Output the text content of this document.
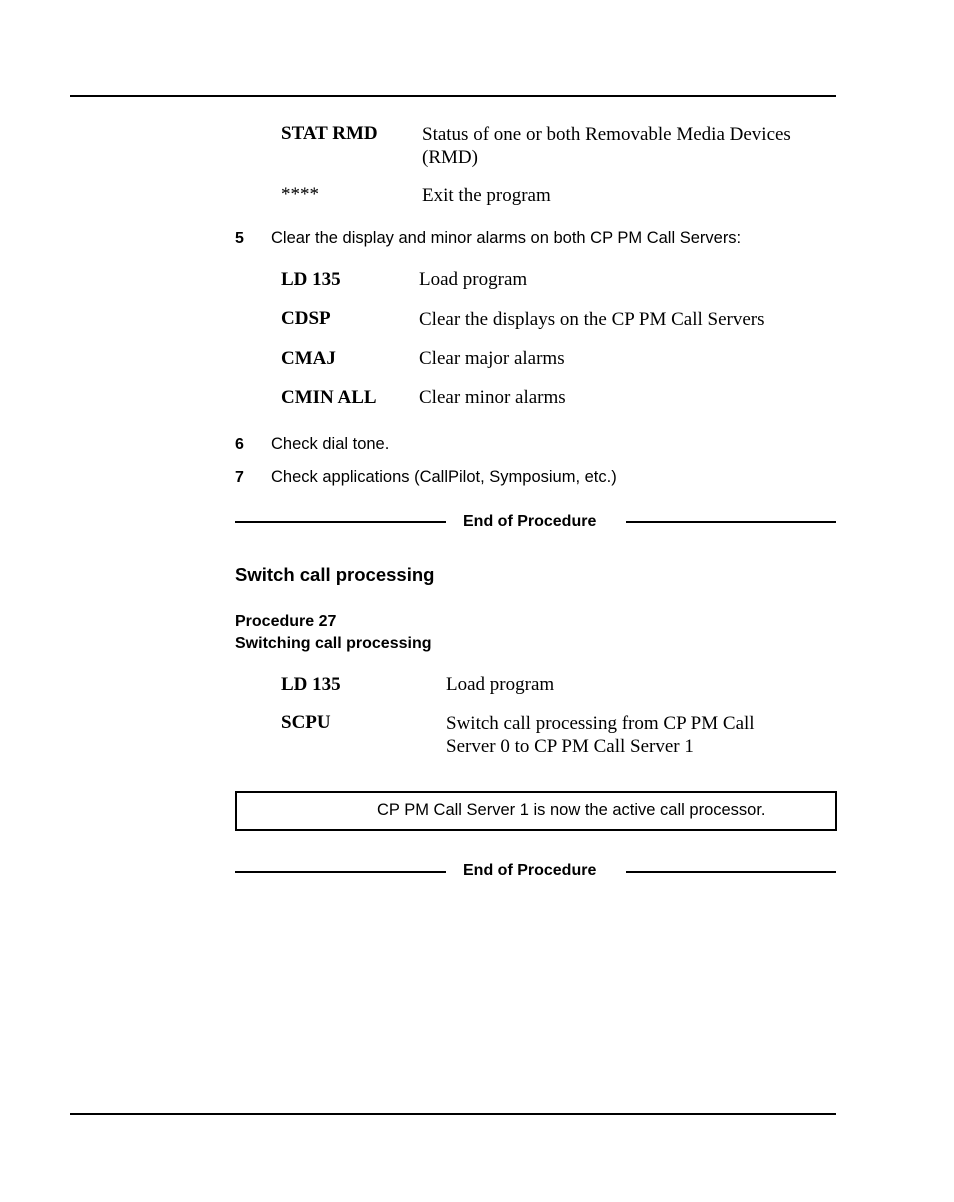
STAT RMD Status of one or both Removable Media Devices
(RMD)
****	Exit the program
5 Clear the display and minor alarms on both CP PM Call Servers:
LD 135	Load program
CDSP	Clear the displays on the CP PM Call Servers
CMAJ	Clear major alarms
CMIN ALL Clear minor alarms
6 Check dial tone.
7 Check applications (CallPilot, Symposium, etc.)
End of Procedure
Switch call processing
Procedure 27
Switching call processing
LD 135	Load program
SCPU	Switch call processing from CP PM Call
Server 0 to CP PM Call Server 1
CP PM Call Server 1 is now the active call processor.
End of Procedure
